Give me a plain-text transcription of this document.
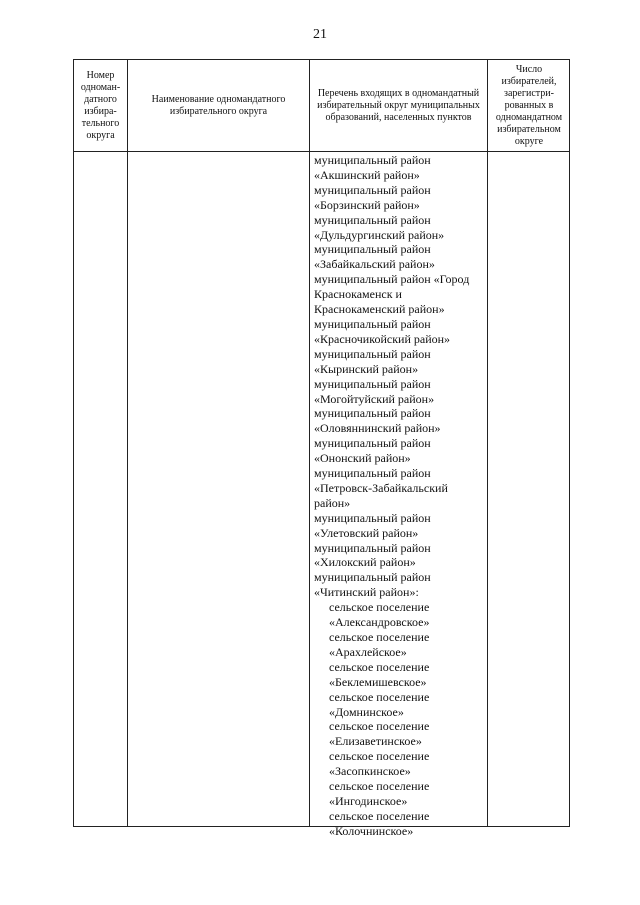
21
Номер одноман-датного избира-тельного округа
Наименование одномандатного избирательного округа
Перечень входящих в одномандатный избирательный округ муниципальных образований, населенных пунктов
Число избирателей, зарегистри-рованных в одномандатном избирательном округе
муниципальный район
«Акшинский район»
муниципальный район
«Борзинский район»
муниципальный район
«Дульдургинский район»
муниципальный район
«Забайкальский район»
муниципальный район «Город
Краснокаменск и
Краснокаменский район»
муниципальный район
«Красночикойский район»
муниципальный район
«Кыринский район»
муниципальный район
«Могойтуйский район»
муниципальный район
«Оловяннинский район»
муниципальный район
«Ононский район»
муниципальный район
«Петровск-Забайкальский
район»
муниципальный район
«Улетовский район»
муниципальный район
«Хилокский район»
муниципальный район
«Читинский район»:
сельское поселение
«Александровское»
сельское поселение
«Арахлейское»
сельское поселение
«Беклемишевское»
сельское поселение
«Домнинское»
сельское поселение
«Елизаветинское»
сельское поселение
«Засопкинское»
сельское поселение
«Ингодинское»
сельское поселение
«Колочнинское»
